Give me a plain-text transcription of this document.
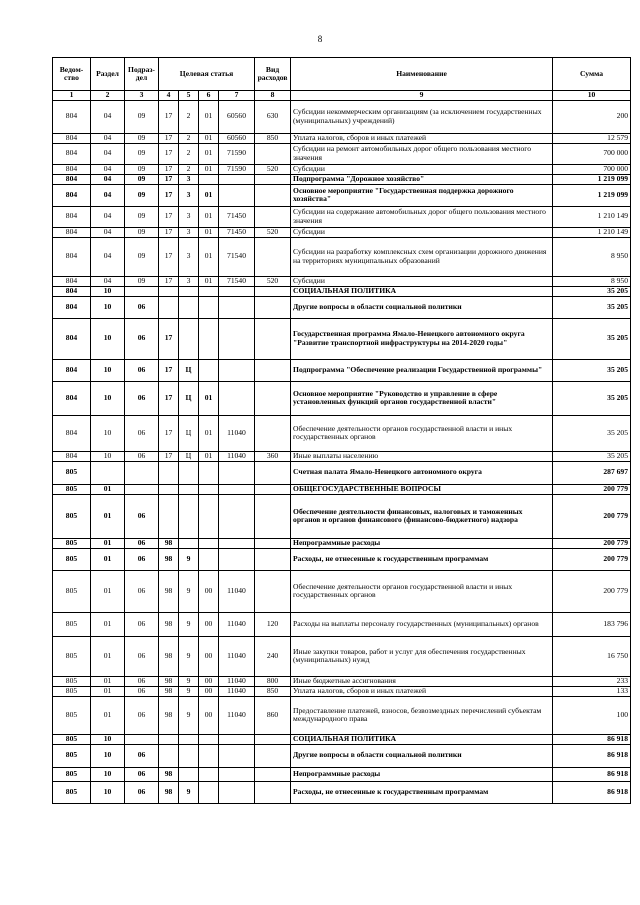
8
Ведом-ство	Раздел	Подраз-дел	Целевая статья				Вид расходов	Наименование	Сумма
1	2	3	4	5	6	7	8	9	10
804	04	09	17	2	01	60560	630	Субсидии некоммерческим организациям (за исключением государственных (муниципальных) учреждений)	200
804	04	09	17	2	01	60560	850	Уплата налогов, сборов и иных платежей	12 579
804	04	09	17	2	01	71590		Субсидии на ремонт автомобильных дорог общего пользования местного значения	700 000
804	04	09	17	2	01	71590	520	Субсидии	700 000
804	04	09	17	3				Подпрограмма "Дорожное хозяйство"	1 219 099
804	04	09	17	3	01			Основное мероприятие "Государственная поддержка дорожного хозяйства"	1 219 099
804	04	09	17	3	01	71450		Субсидии на содержание автомобильных дорог общего пользования местного значения	1 210 149
804	04	09	17	3	01	71450	520	Субсидии	1 210 149
804	04	09	17	3	01	71540		Субсидии на разработку комплексных схем организации дорожного движения на территориях муниципальных образований	8 950
804	04	09	17	3	01	71540	520	Субсидии	8 950
804	10							СОЦИАЛЬНАЯ ПОЛИТИКА	35 205
804	10	06						Другие вопросы в области социальной политики	35 205
804	10	06	17					Государственная программа Ямало-Ненецкого автономного округа "Развитие транспортной инфраструктуры на 2014-2020 годы"	35 205
804	10	06	17	Ц				Подпрограмма "Обеспечение реализации Государственной программы"	35 205
804	10	06	17	Ц	01			Основное мероприятие "Руководство и управление в сфере установленных функций органов государственной власти"	35 205
804	10	06	17	Ц	01	11040		Обеспечение деятельности органов государственной власти и иных государственных органов	35 205
804	10	06	17	Ц	01	11040	360	Иные выплаты населению	35 205
805								Счетная палата Ямало-Ненецкого автономного округа	287 697
805	01							ОБЩЕГОСУДАРСТВЕННЫЕ ВОПРОСЫ	200 779
805	01	06						Обеспечение деятельности финансовых, налоговых и таможенных органов и органов финансового (финансово-бюджетного) надзора	200 779
805	01	06	98					Непрограммные расходы	200 779
805	01	06	98	9				Расходы, не отнесенные к государственным программам	200 779
805	01	06	98	9	00	11040		Обеспечение деятельности органов государственной власти и иных государственных органов	200 779
805	01	06	98	9	00	11040	120	Расходы на выплаты персоналу государственных (муниципальных) органов	183 796
805	01	06	98	9	00	11040	240	Иные закупки товаров, работ и услуг для обеспечения государственных (муниципальных) нужд	16 750
805	01	06	98	9	00	11040	800	Иные бюджетные ассигнования	233
805	01	06	98	9	00	11040	850	Уплата налогов, сборов и иных платежей	133
805	01	06	98	9	00	11040	860	Предоставление платежей, взносов, безвозмездных перечислений субъектам международного права	100
805	10							СОЦИАЛЬНАЯ ПОЛИТИКА	86 918
805	10	06						Другие вопросы в области социальной политики	86 918
805	10	06	98					Непрограммные расходы	86 918
805	10	06	98	9				Расходы, не отнесенные к государственным программам	86 918
